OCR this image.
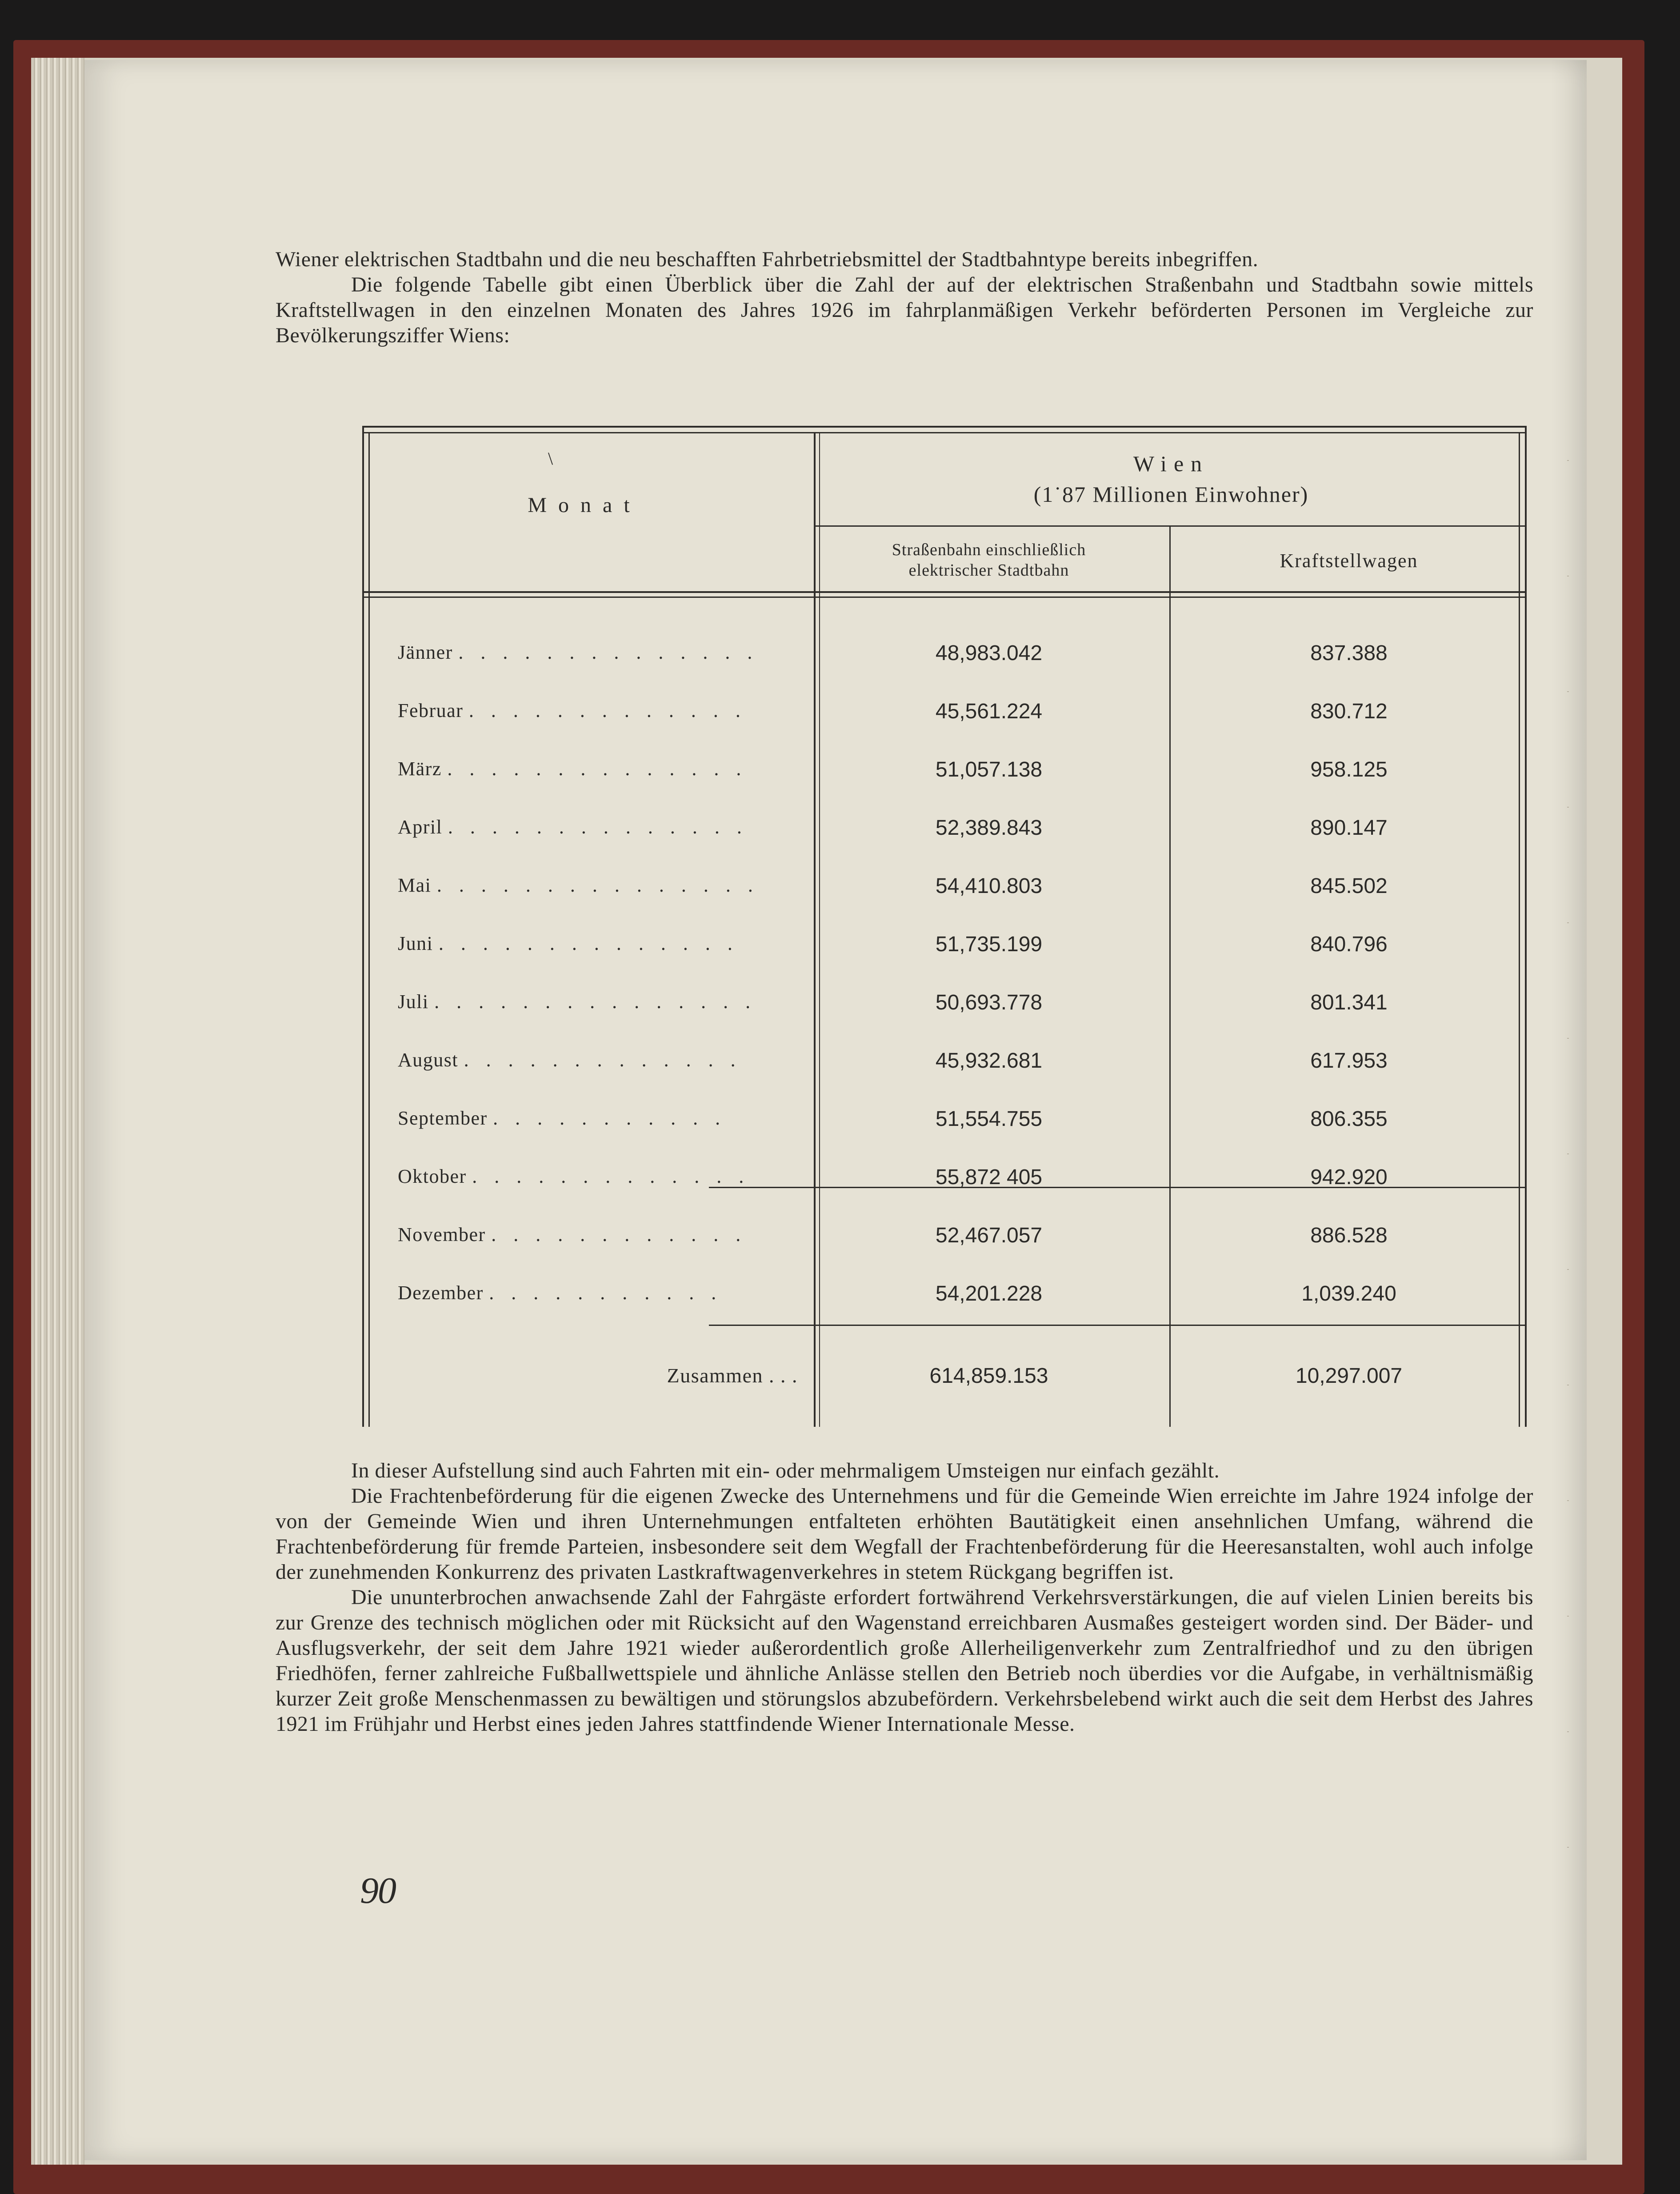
Wiener elektrischen Stadtbahn und die neu beschafften Fahrbetriebsmittel der Stadtbahntype bereits inbegriffen.

Die folgende Tabelle gibt einen Überblick über die Zahl der auf der elektrischen Straßenbahn und Stadtbahn sowie mittels Kraftstellwagen in den einzelnen Monaten des Jahres 1926 im fahrplanmäßigen Verkehr beförderten Personen im Vergleiche zur Bevölkerungsziffer Wiens:

\
Monat
Wien
(1˙87 Millionen Einwohner)
Straßenbahn einschließlich
elektrischer Stadtbahn	Kraftstellwagen
Jänner . . . . . . . . . . . . . .	48,983.042	837.388
Februar . . . . . . . . . . . . .	45,561.224	830.712
März . . . . . . . . . . . . . .	51,057.138	958.125
April . . . . . . . . . . . . . .	52,389.843	890.147
Mai . . . . . . . . . . . . . . .	54,410.803	845.502
Juni . . . . . . . . . . . . . .	51,735.199	840.796
Juli . . . . . . . . . . . . . . .	50,693.778	801.341
August . . . . . . . . . . . . .	45,932.681	617.953
September . . . . . . . . . . .	51,554.755	806.355
Oktober . . . . . . . . . . . . .	55,872 405	942.920
November . . . . . . . . . . . .	52,467.057	886.528
Dezember . . . . . . . . . . .	54,201.228	1,039.240
Zusammen . . .	614,859.153	10,297.007

In dieser Aufstellung sind auch Fahrten mit ein- oder mehrmaligem Umsteigen nur einfach gezählt.

Die Frachtenbeförderung für die eigenen Zwecke des Unternehmens und für die Gemeinde Wien erreichte im Jahre 1924 infolge der von der Gemeinde Wien und ihren Unternehmungen entfalteten erhöhten Bautätigkeit einen ansehnlichen Umfang, während die Frachtenbeförderung für fremde Parteien, insbesondere seit dem Wegfall der Frachtenbeförderung für die Heeresanstalten, wohl auch infolge der zunehmenden Konkurrenz des privaten Lastkraftwagenverkehres in stetem Rückgang begriffen ist.

Die ununterbrochen anwachsende Zahl der Fahrgäste erfordert fortwährend Verkehrsverstärkungen, die auf vielen Linien bereits bis zur Grenze des technisch möglichen oder mit Rücksicht auf den Wagenstand erreichbaren Ausmaßes gesteigert worden sind. Der Bäder- und Ausflugsverkehr, der seit dem Jahre 1921 wieder außerordentlich große Allerheiligenverkehr zum Zentralfriedhof und zu den übrigen Friedhöfen, ferner zahlreiche Fußballwettspiele und ähnliche Anlässe stellen den Betrieb noch überdies vor die Aufgabe, in verhältnismäßig kurzer Zeit große Menschenmassen zu bewältigen und störungslos abzubefördern. Verkehrsbelebend wirkt auch die seit dem Herbst des Jahres 1921 im Frühjahr und Herbst eines jeden Jahres stattfindende Wiener Internationale Messe.

90
